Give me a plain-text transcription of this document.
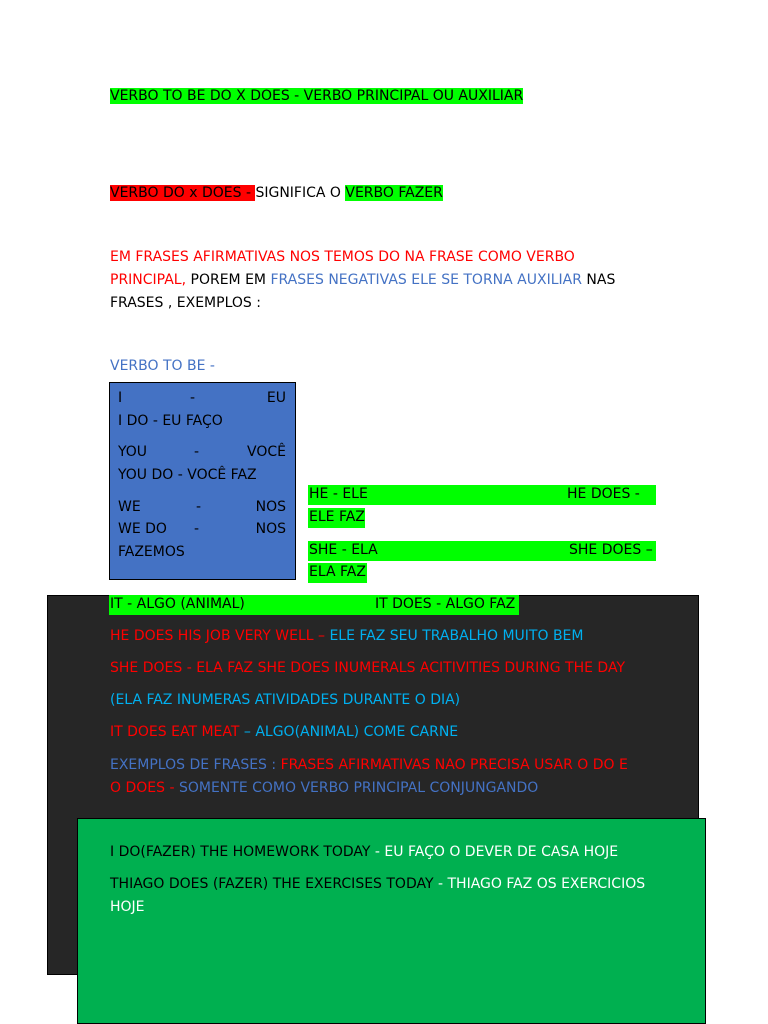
VERBO TO BE DO X DOES - VERBO PRINCIPAL OU AUXILIAR
VERBO DO x DOES - SIGNIFICA O VERBO FAZER
EM FRASES AFIRMATIVAS NOS TEMOS DO NA FRASE COMO VERBO
PRINCIPAL, POREM EM FRASES NEGATIVAS ELE SE TORNA AUXILIAR NAS
FRASES , EXEMPLOS :
VERBO TO BE -
I	-	EU
I DO - EU FAÇO
YOU	-	VOCÊ
YOU DO - VOCÊ FAZ
WE	-	NOS
WE DO -	NOS
FAZEMOS
HE - ELE	HE DOES -
ELE FAZ
SHE - ELA	SHE DOES –
ELA FAZ
IT - ALGO (ANIMAL)	IT DOES - ALGO FAZ
HE DOES HIS JOB VERY WELL – ELE FAZ SEU TRABALHO MUITO BEM
SHE DOES - ELA FAZ SHE DOES INUMERALS ACITIVITIES DURING THE DAY
(ELA FAZ INUMERAS ATIVIDADES DURANTE O DIA)
IT DOES EAT MEAT – ALGO(ANIMAL) COME CARNE
EXEMPLOS DE FRASES : FRASES AFIRMATIVAS NAO PRECISA USAR O DO E
O DOES - SOMENTE COMO VERBO PRINCIPAL CONJUNGANDO
I DO(FAZER) THE HOMEWORK TODAY - EU FAÇO O DEVER DE CASA HOJE
THIAGO DOES (FAZER) THE EXERCISES TODAY - THIAGO FAZ OS EXERCICIOS
HOJE
